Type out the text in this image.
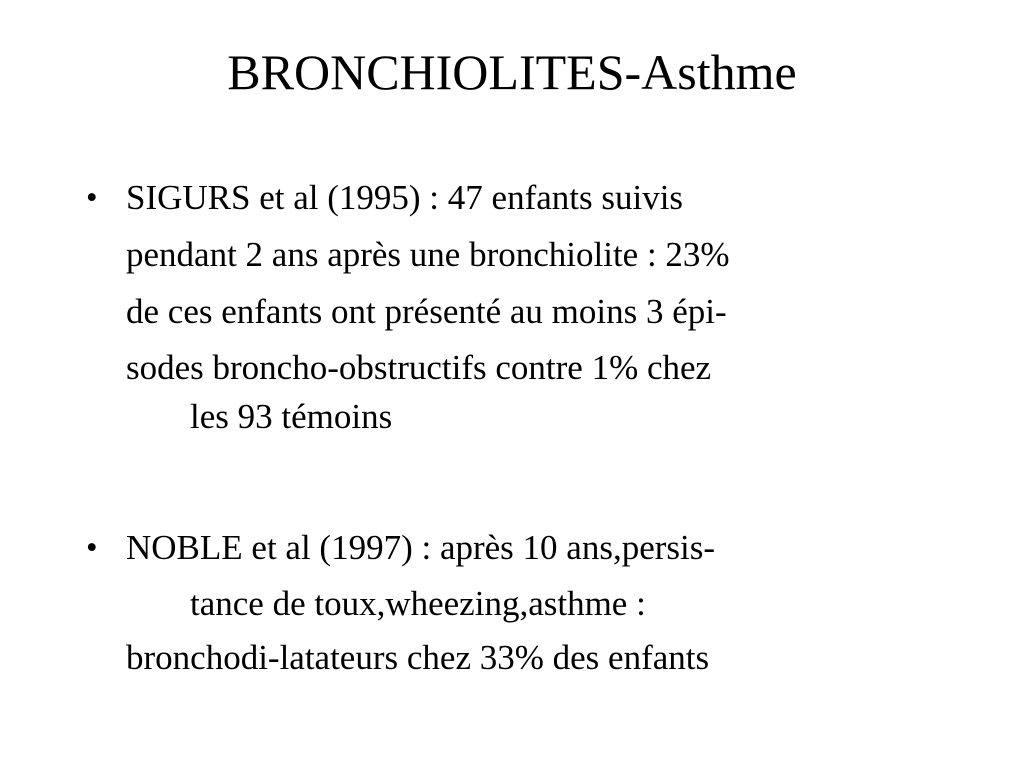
BRONCHIOLITES-Asthme
• SIGURS et al (1995) : 47 enfants suivis
pendant 2 ans après une bronchiolite : 23%
de ces enfants ont présenté au moins 3 épi-
sodes broncho-obstructifs contre 1% chez
les 93 témoins
• NOBLE et al (1997) : après 10 ans,persis-
tance de toux,wheezing,asthme :
bronchodi-latateurs chez 33% des enfants
